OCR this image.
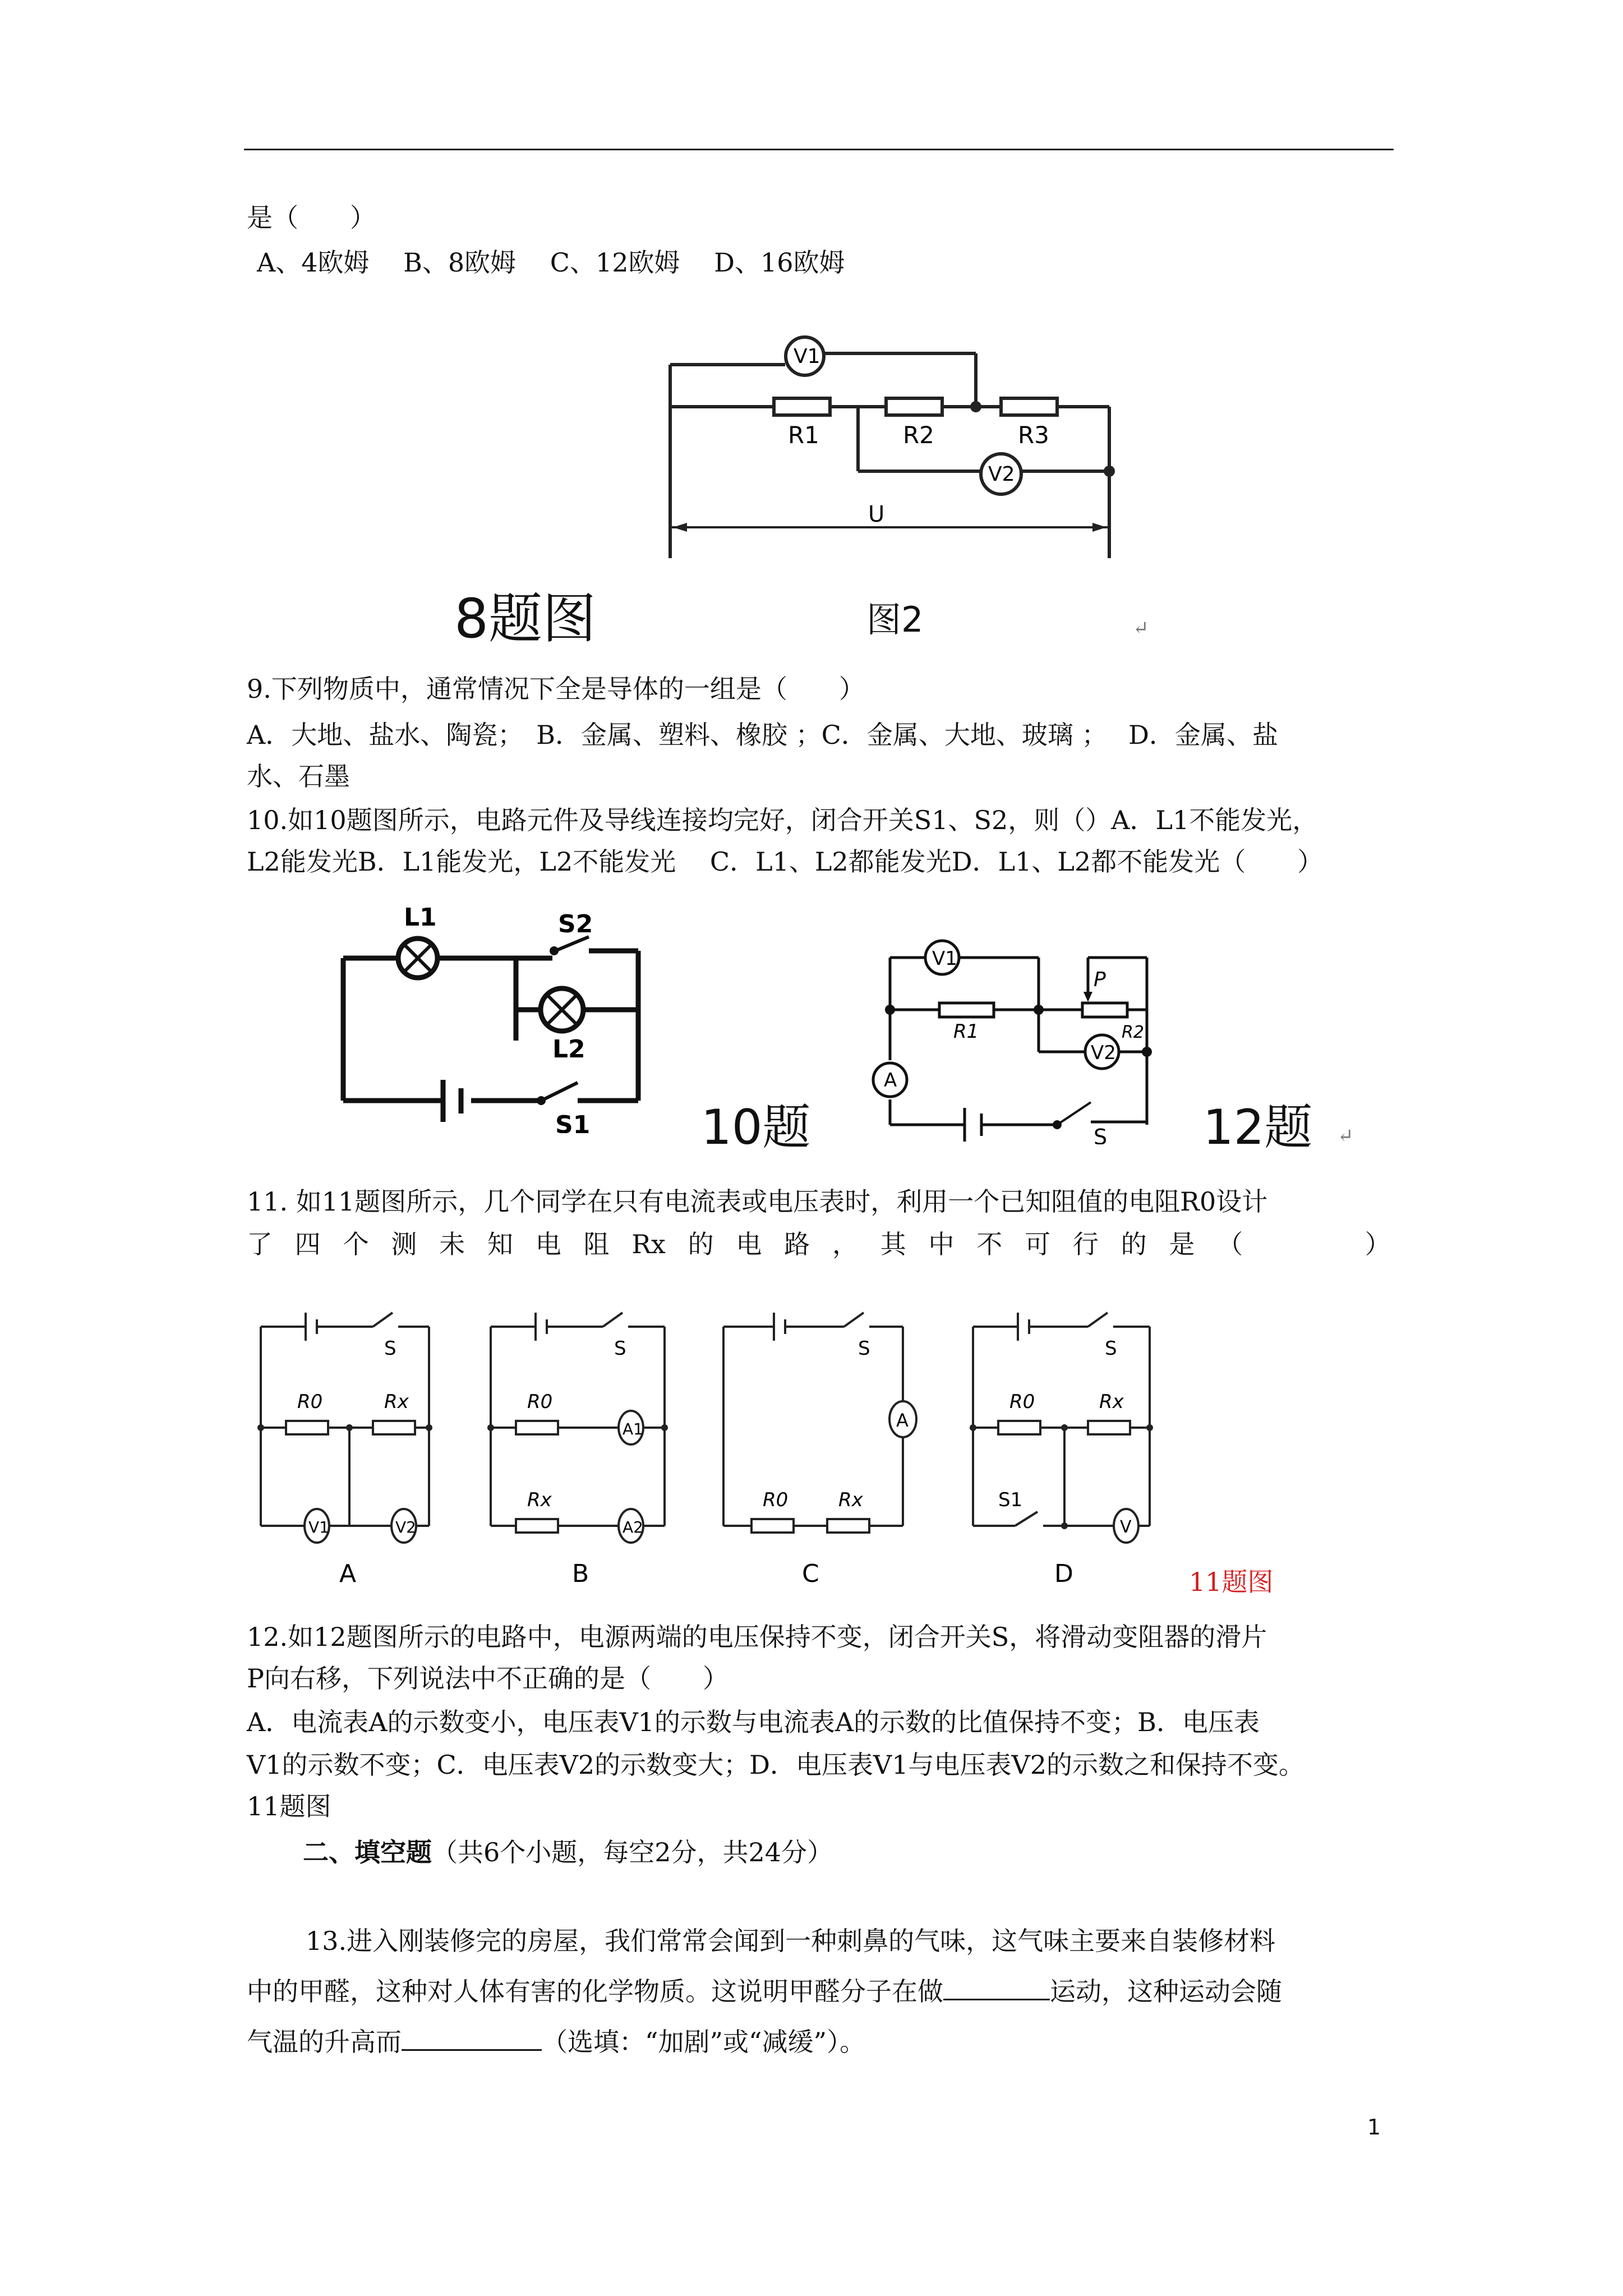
是（　　）
A、4欧姆　 B、8欧姆　 C、12欧姆　 D、16欧姆
V1
V2
R1	R2	R3
U
8题图	图2	↵
9.下列物质中，通常情况下全是导体的一组是（　　）
A．大地、盐水、陶瓷；　B．金属、塑料、橡胶 ；C．金属、大地、玻璃 ；　 D．金属、盐
水、石墨
10.如10题图所示，电路元件及导线连接均完好，闭合开关S1、S2，则（）A．L1不能发光，
L2能发光B．L1能发光，L2不能发光　 C．L1、L2都能发光D．L1、L2都不能发光（　　）
L1	S2
L2
S1 10题
V1
V2
A
P
R1	R2
S 12题 ↵
11. 如11题图所示，几个同学在只有电流表或电压表时，利用一个已知阻值的电阻R0设计
了 四 个 测 未 知 电 阻 Rx 的 电 路 ， 其 中 不 可 行 的 是 （
　　　	）
S
R0	Rx
V1	V2
A
S
R0
Rx
A1
A2
B
S
A
R0	Rx
C
S
R0	Rx
S1
V
D	11题图
12.如12题图所示的电路中，电源两端的电压保持不变，闭合开关S，将滑动变阻器的滑片
P向右移，下列说法中不正确的是（　　）
A．电流表A的示数变小，电压表V1的示数与电流表A的示数的比值保持不变；B．电压表
V1的示数不变；C．电压表V2的示数变大；D．电压表V1与电压表V2的示数之和保持不变。
11题图
二、填空题（共6个小题，每空2分，共24分）
13.进入刚装修完的房屋，我们常常会闻到一种刺鼻的气味，这气味主要来自装修材料
中的甲醛，这种对人体有害的化学物质。这说明甲醛分子在做	运动，这种运动会随
气温的升高而	（选填：“加剧”或“减缓”）。
1
